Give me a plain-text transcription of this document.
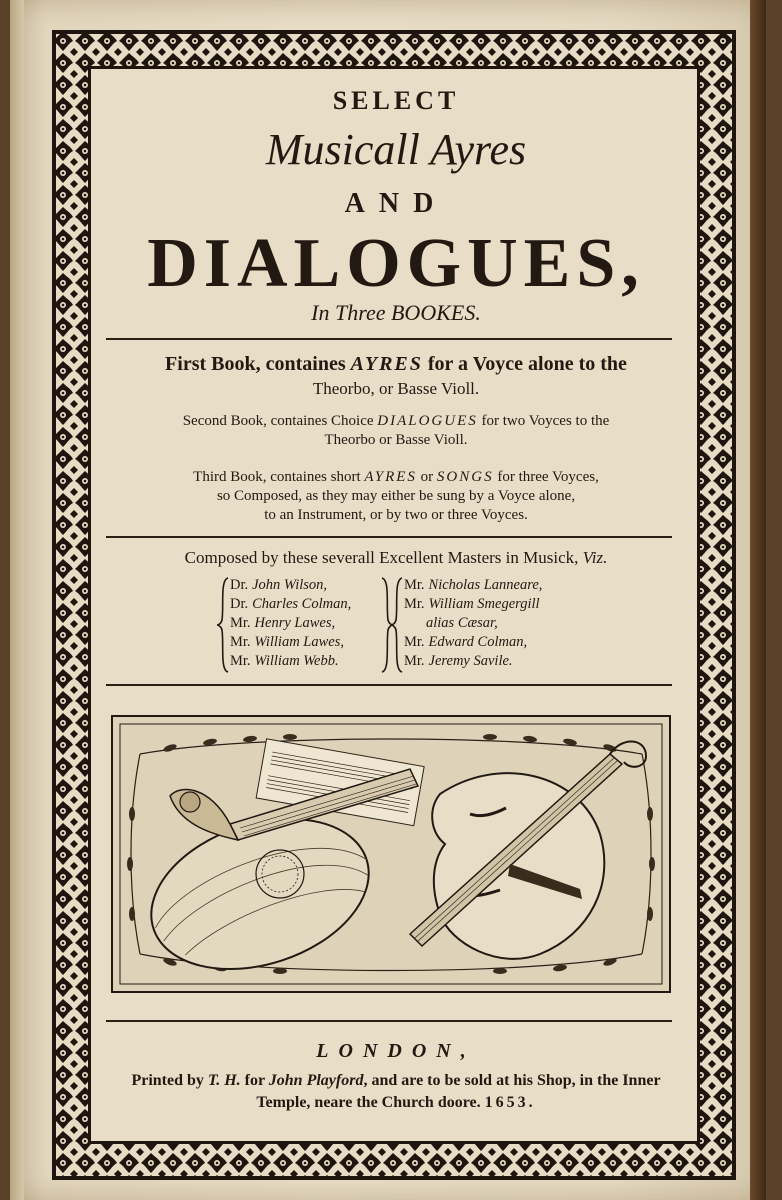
SELECT
Musicall Ayres
AND
DIALOGUES,
In Three BOOKES.
First Book, containes AYRES for a Voyce alone to the
Theorbo, or Basse Violl.
Second Book, containes Choice DIALOGUES for two Voyces to the
Theorbo or Basse Violl.
Third Book, containes short AYRES or SONGS for three Voyces,
so Composed, as they may either be sung by a Voyce alone,
to an Instrument, or by two or three Voyces.
Composed by these severall Excellent Masters in Musick, Viz.
Dr. John Wilson,
Dr. Charles Colman,
Mr. Henry Lawes,
Mr. William Lawes,
Mr. William Webb.
Mr. Nicholas Lanneare,
Mr. William Smegergill
alias Cæsar,
Mr. Edward Colman,
Mr. Jeremy Savile.
LONDON,
Printed by T. H. for John Playford, and are to be sold at his Shop, in the Inner
Temple, neare the Church doore. 1653.
